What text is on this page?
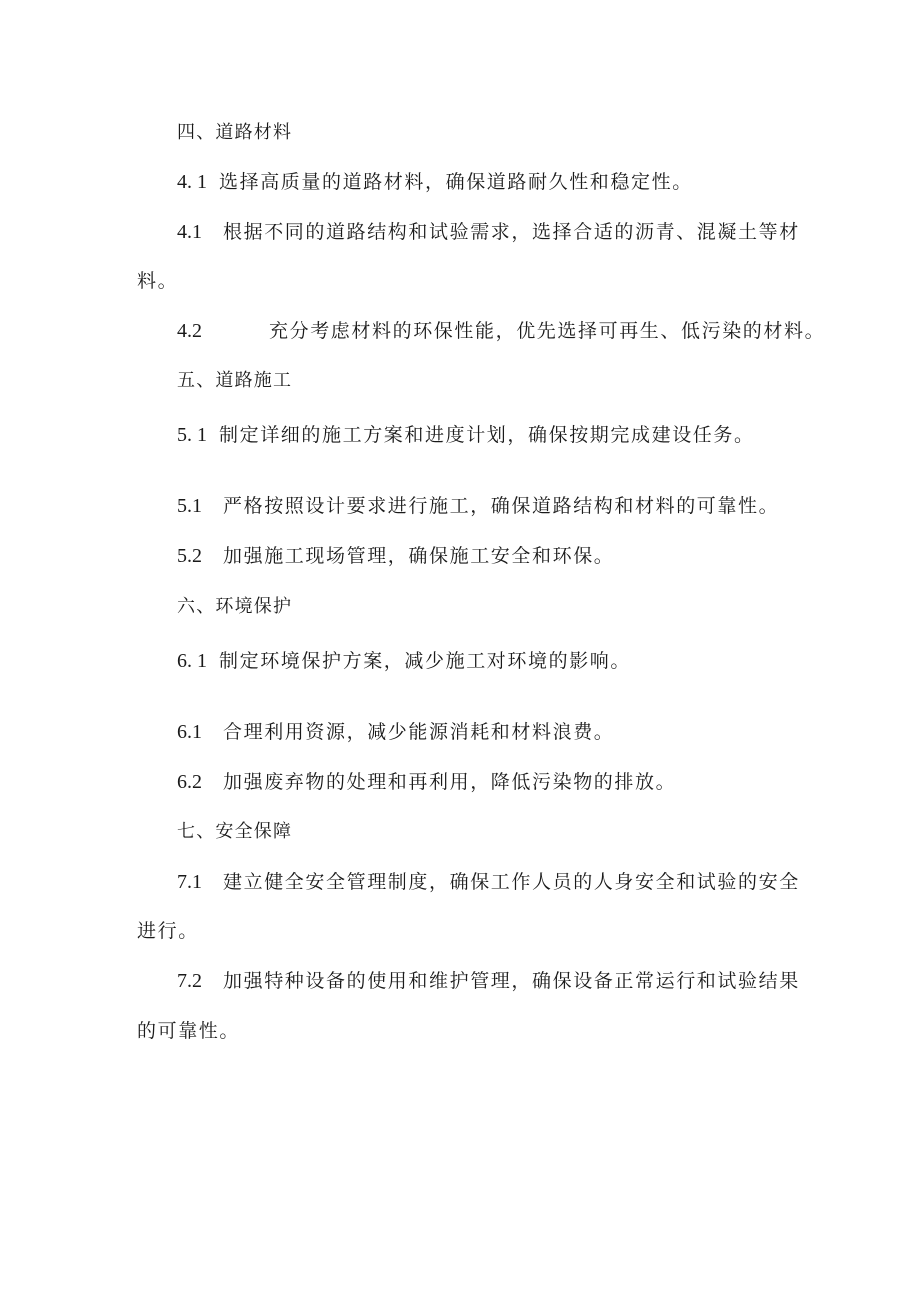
四、道路材料
4. 1 选择高质量的道路材料，确保道路耐久性和稳定性。
4.1 根据不同的道路结构和试验需求，选择合适的沥青、混凝土等材
料。
4.2	充分考虑材料的环保性能，优先选择可再生、低污染的材料。
五、道路施工
5. 1 制定详细的施工方案和进度计划，确保按期完成建设任务。
5.1 严格按照设计要求进行施工，确保道路结构和材料的可靠性。
5.2 加强施工现场管理，确保施工安全和环保。
六、环境保护
6. 1 制定环境保护方案，减少施工对环境的影响。
6.1 合理利用资源，减少能源消耗和材料浪费。
6.2 加强废弃物的处理和再利用，降低污染物的排放。
七、安全保障
7.1 建立健全安全管理制度，确保工作人员的人身安全和试验的安全
进行。
7.2 加强特种设备的使用和维护管理，确保设备正常运行和试验结果
的可靠性。
